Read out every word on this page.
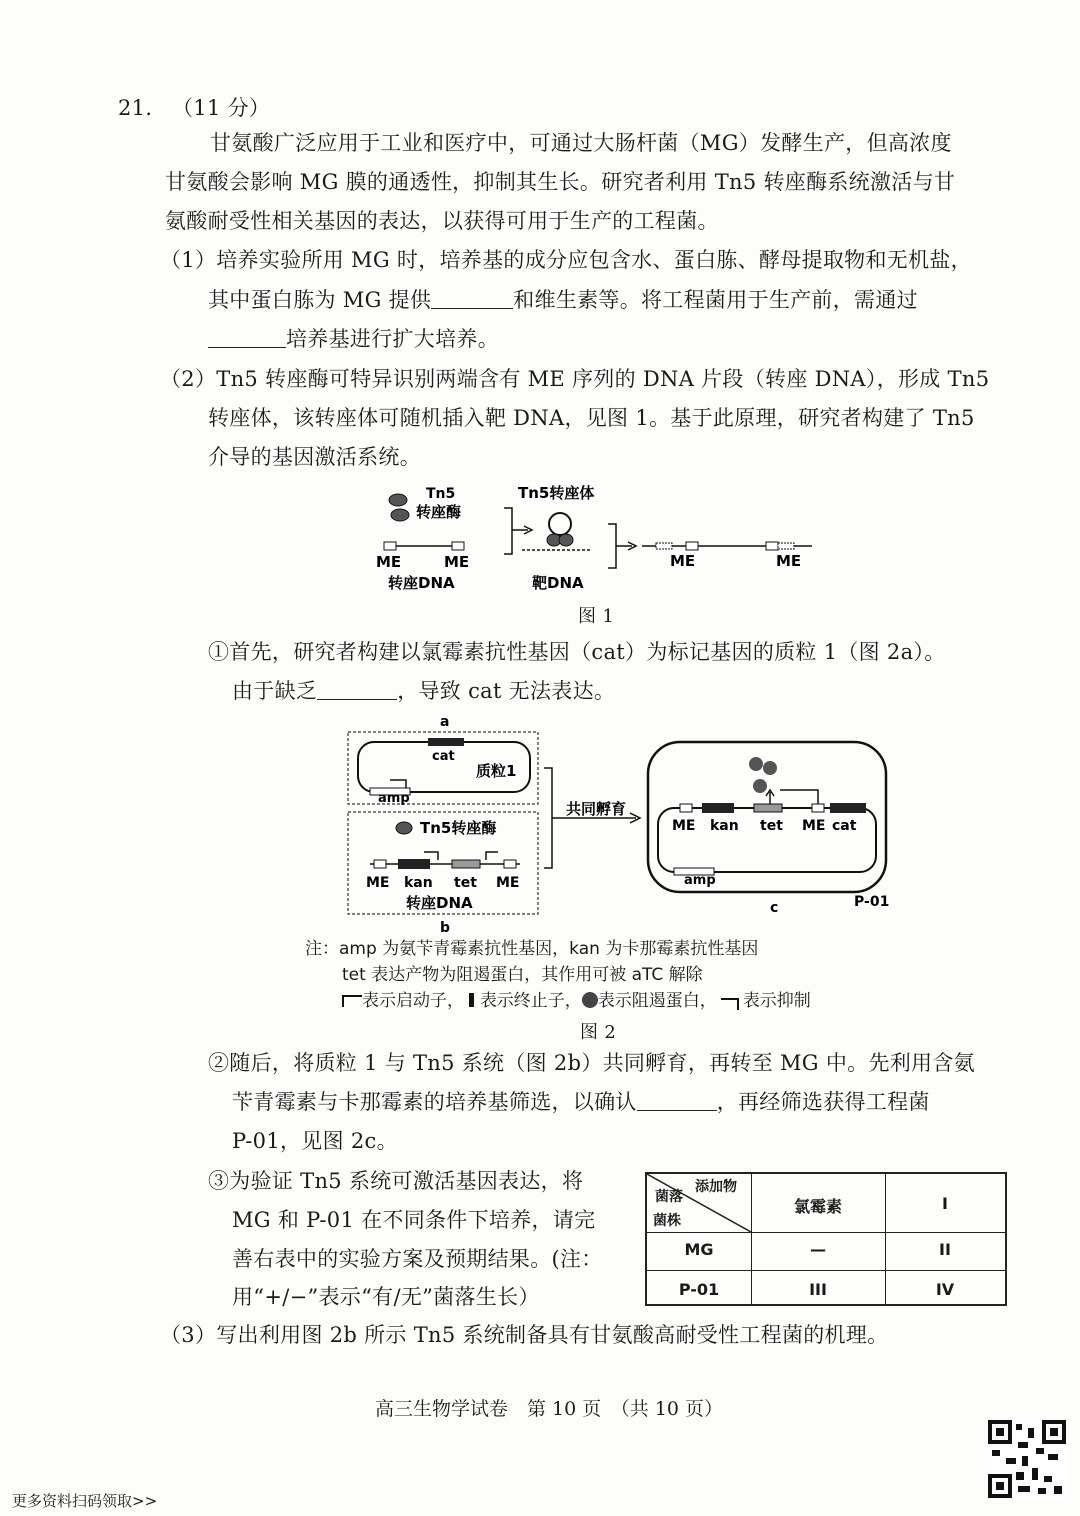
21． （11 分）
甘氨酸广泛应用于工业和医疗中，可通过大肠杆菌（MG）发酵生产，但高浓度
甘氨酸会影响 MG 膜的通透性，抑制其生长。研究者利用 Tn5 转座酶系统激活与甘
氨酸耐受性相关基因的表达，以获得可用于生产的工程菌。
（1）培养实验所用 MG 时，培养基的成分应包含水、蛋白胨、酵母提取物和无机盐，
其中蛋白胨为 MG 提供	和维生素等。将工程菌用于生产前，需通过
培养基进行扩大培养。
（2）Tn5 转座酶可特异识别两端含有 ME 序列的 DNA 片段（转座 DNA），形成 Tn5
转座体，该转座体可随机插入靶 DNA，见图 1。基于此原理，研究者构建了 Tn5
介导的基因激活系统。
Tn5
转座酶
ME	ME
转座DNA
Tn5转座体
靶DNA
ME	ME
图 1
①首先，研究者构建以氯霉素抗性基因（cat）为标记基因的质粒 1（图 2a）。
由于缺乏	，导致 cat 无法表达。
a
cat
质粒1
amp
Tn5转座酶
ME kan tet ME
转座DNA
b
共同孵育
ME kan tet ME cat
amp
c	P-01
注：amp 为氨苄青霉素抗性基因，kan 为卡那霉素抗性基因
tet 表达产物为阻遏蛋白，其作用可被 aTC 解除
表示启动子， 表示终止子， 表示阻遏蛋白， 表示抑制
图 2
②随后，将质粒 1 与 Tn5 系统（图 2b）共同孵育，再转至 MG 中。先利用含氨
苄青霉素与卡那霉素的培养基筛选，以确认	，再经筛选获得工程菌
P-01，见图 2c。
③为验证 Tn5 系统可激活基因表达，将
MG 和 P-01 在不同条件下培养，请完
善右表中的实验方案及预期结果。(注：
用“+/−”表示“有/无”菌落生长）
添加物
菌落
菌株
氯霉素	I
MG	—	II
P-01	III	IV
（3）写出利用图 2b 所示 Tn5 系统制备具有甘氨酸高耐受性工程菌的机理。
高三生物学试卷　第 10 页　（共 10 页）
更多资料扫码领取>>
